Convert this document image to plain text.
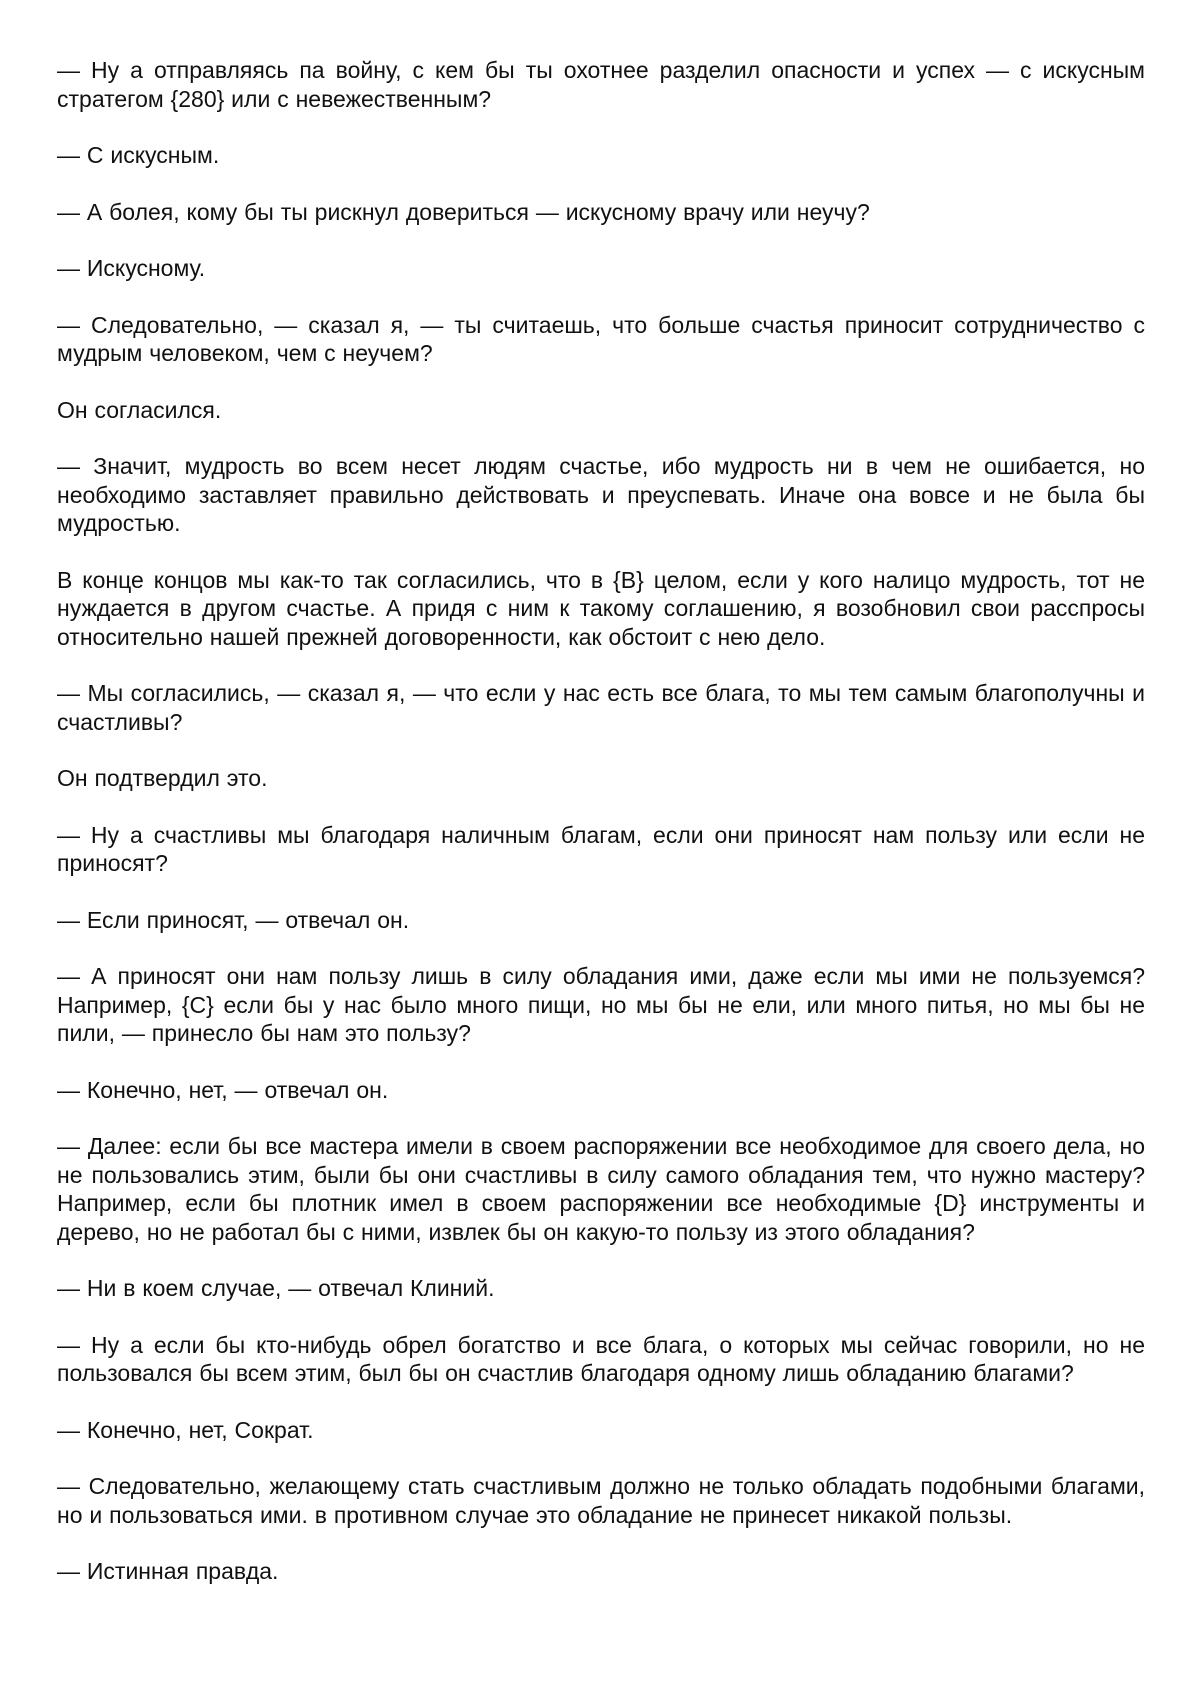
— Ну а отправляясь па войну, с кем бы ты охотнее разделил опасности и успех — с искусным стратегом {280} или с невежественным?

— С искусным.

— А болея, кому бы ты рискнул довериться — искусному врачу или неучу?

— Искусному.

— Следовательно, — сказал я, — ты считаешь, что больше счастья приносит сотрудничество с мудрым человеком, чем с неучем?

Он согласился.

— Значит, мудрость во всем несет людям счастье, ибо мудрость ни в чем не ошибается, но необходимо заставляет правильно действовать и преуспевать. Иначе она вовсе и не была бы мудростью.

В конце концов мы как-то так согласились, что в {В} целом, если у кого налицо мудрость, тот не нуждается в другом счастье. А придя с ним к такому соглашению, я возобновил свои расспросы относительно нашей прежней договоренности, как обстоит с нею дело.

— Мы согласились, — сказал я, — что если у нас есть все блага, то мы тем самым благополучны и счастливы?

Он подтвердил это.

— Ну а счастливы мы благодаря наличным благам, если они приносят нам пользу или если не приносят?

— Если приносят, — отвечал он.

— А приносят они нам пользу лишь в силу обладания ими, даже если мы ими не пользуемся? Например, {С} если бы у нас было много пищи, но мы бы не ели, или много питья, но мы бы не пили, — принесло бы нам это пользу?

— Конечно, нет, — отвечал он.

— Далее: если бы все мастера имели в своем распоряжении все необходимое для своего дела, но не пользовались этим, были бы они счастливы в силу самого обладания тем, что нужно мастеру? Например, если бы плотник имел в своем распоряжении все необходимые {D} инструменты и дерево, но не работал бы с ними, извлек бы он какую-то пользу из этого обладания?

— Ни в коем случае, — отвечал Клиний.

— Ну а если бы кто-нибудь обрел богатство и все блага, о которых мы сейчас говорили, но не пользовался бы всем этим, был бы он счастлив благодаря одному лишь обладанию благами?

— Конечно, нет, Сократ.

— Следовательно, желающему стать счастливым должно не только обладать подобными благами, но и пользоваться ими. в противном случае это обладание не принесет никакой пользы.

— Истинная правда.
